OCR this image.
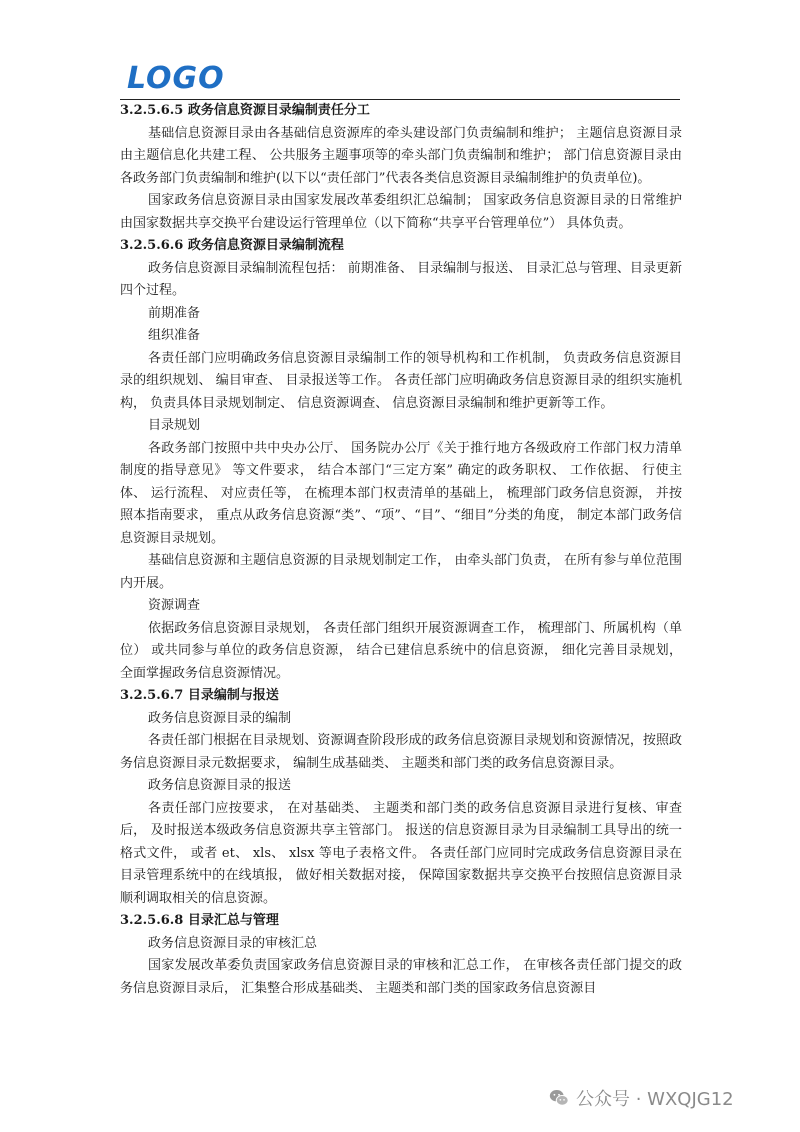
LOGO

3.2.5.6.5 政务信息资源目录编制责任分工

基础信息资源目录由各基础信息资源库的牵头建设部门负责编制和维护； 主题信息资源目录由主题信息化共建工程、 公共服务主题事项等的牵头部门负责编制和维护； 部门信息资源目录由各政务部门负责编制和维护(以下以“责任部门”代表各类信息资源目录编制维护的负责单位)。

国家政务信息资源目录由国家发展改革委组织汇总编制； 国家政务信息资源目录的日常维护由国家数据共享交换平台建设运行管理单位（以下简称“共享平台管理单位”） 具体负责。

3.2.5.6.6 政务信息资源目录编制流程

政务信息资源目录编制流程包括： 前期准备、 目录编制与报送、 目录汇总与管理、目录更新四个过程。

前期准备

组织准备

各责任部门应明确政务信息资源目录编制工作的领导机构和工作机制， 负责政务信息资源目录的组织规划、 编目审查、 目录报送等工作。 各责任部门应明确政务信息资源目录的组织实施机构， 负责具体目录规划制定、 信息资源调查、 信息资源目录编制和维护更新等工作。

目录规划

各政务部门按照中共中央办公厅、 国务院办公厅《关于推行地方各级政府工作部门权力清单制度的指导意见》 等文件要求， 结合本部门“三定方案” 确定的政务职权、 工作依据、 行使主体、 运行流程、 对应责任等， 在梳理本部门权责清单的基础上， 梳理部门政务信息资源， 并按照本指南要求， 重点从政务信息资源“类”、“项”、“目”、“细目”分类的角度， 制定本部门政务信息资源目录规划。

基础信息资源和主题信息资源的目录规划制定工作， 由牵头部门负责， 在所有参与单位范围内开展。

资源调查

依据政务信息资源目录规划， 各责任部门组织开展资源调查工作， 梳理部门、所属机构（单位） 或共同参与单位的政务信息资源， 结合已建信息系统中的信息资源， 细化完善目录规划， 全面掌握政务信息资源情况。

3.2.5.6.7 目录编制与报送

政务信息资源目录的编制

各责任部门根据在目录规划、资源调查阶段形成的政务信息资源目录规划和资源情况，按照政务信息资源目录元数据要求， 编制生成基础类、 主题类和部门类的政务信息资源目录。

政务信息资源目录的报送

各责任部门应按要求， 在对基础类、 主题类和部门类的政务信息资源目录进行复核、审查后， 及时报送本级政务信息资源共享主管部门。 报送的信息资源目录为目录编制工具导出的统一格式文件， 或者 et、 xls、 xlsx 等电子表格文件。 各责任部门应同时完成政务信息资源目录在目录管理系统中的在线填报， 做好相关数据对接， 保障国家数据共享交换平台按照信息资源目录顺利调取相关的信息资源。

3.2.5.6.8 目录汇总与管理

政务信息资源目录的审核汇总

国家发展改革委负责国家政务信息资源目录的审核和汇总工作， 在审核各责任部门提交的政务信息资源目录后， 汇集整合形成基础类、 主题类和部门类的国家政务信息资源目

公众号 · WXQJG12
